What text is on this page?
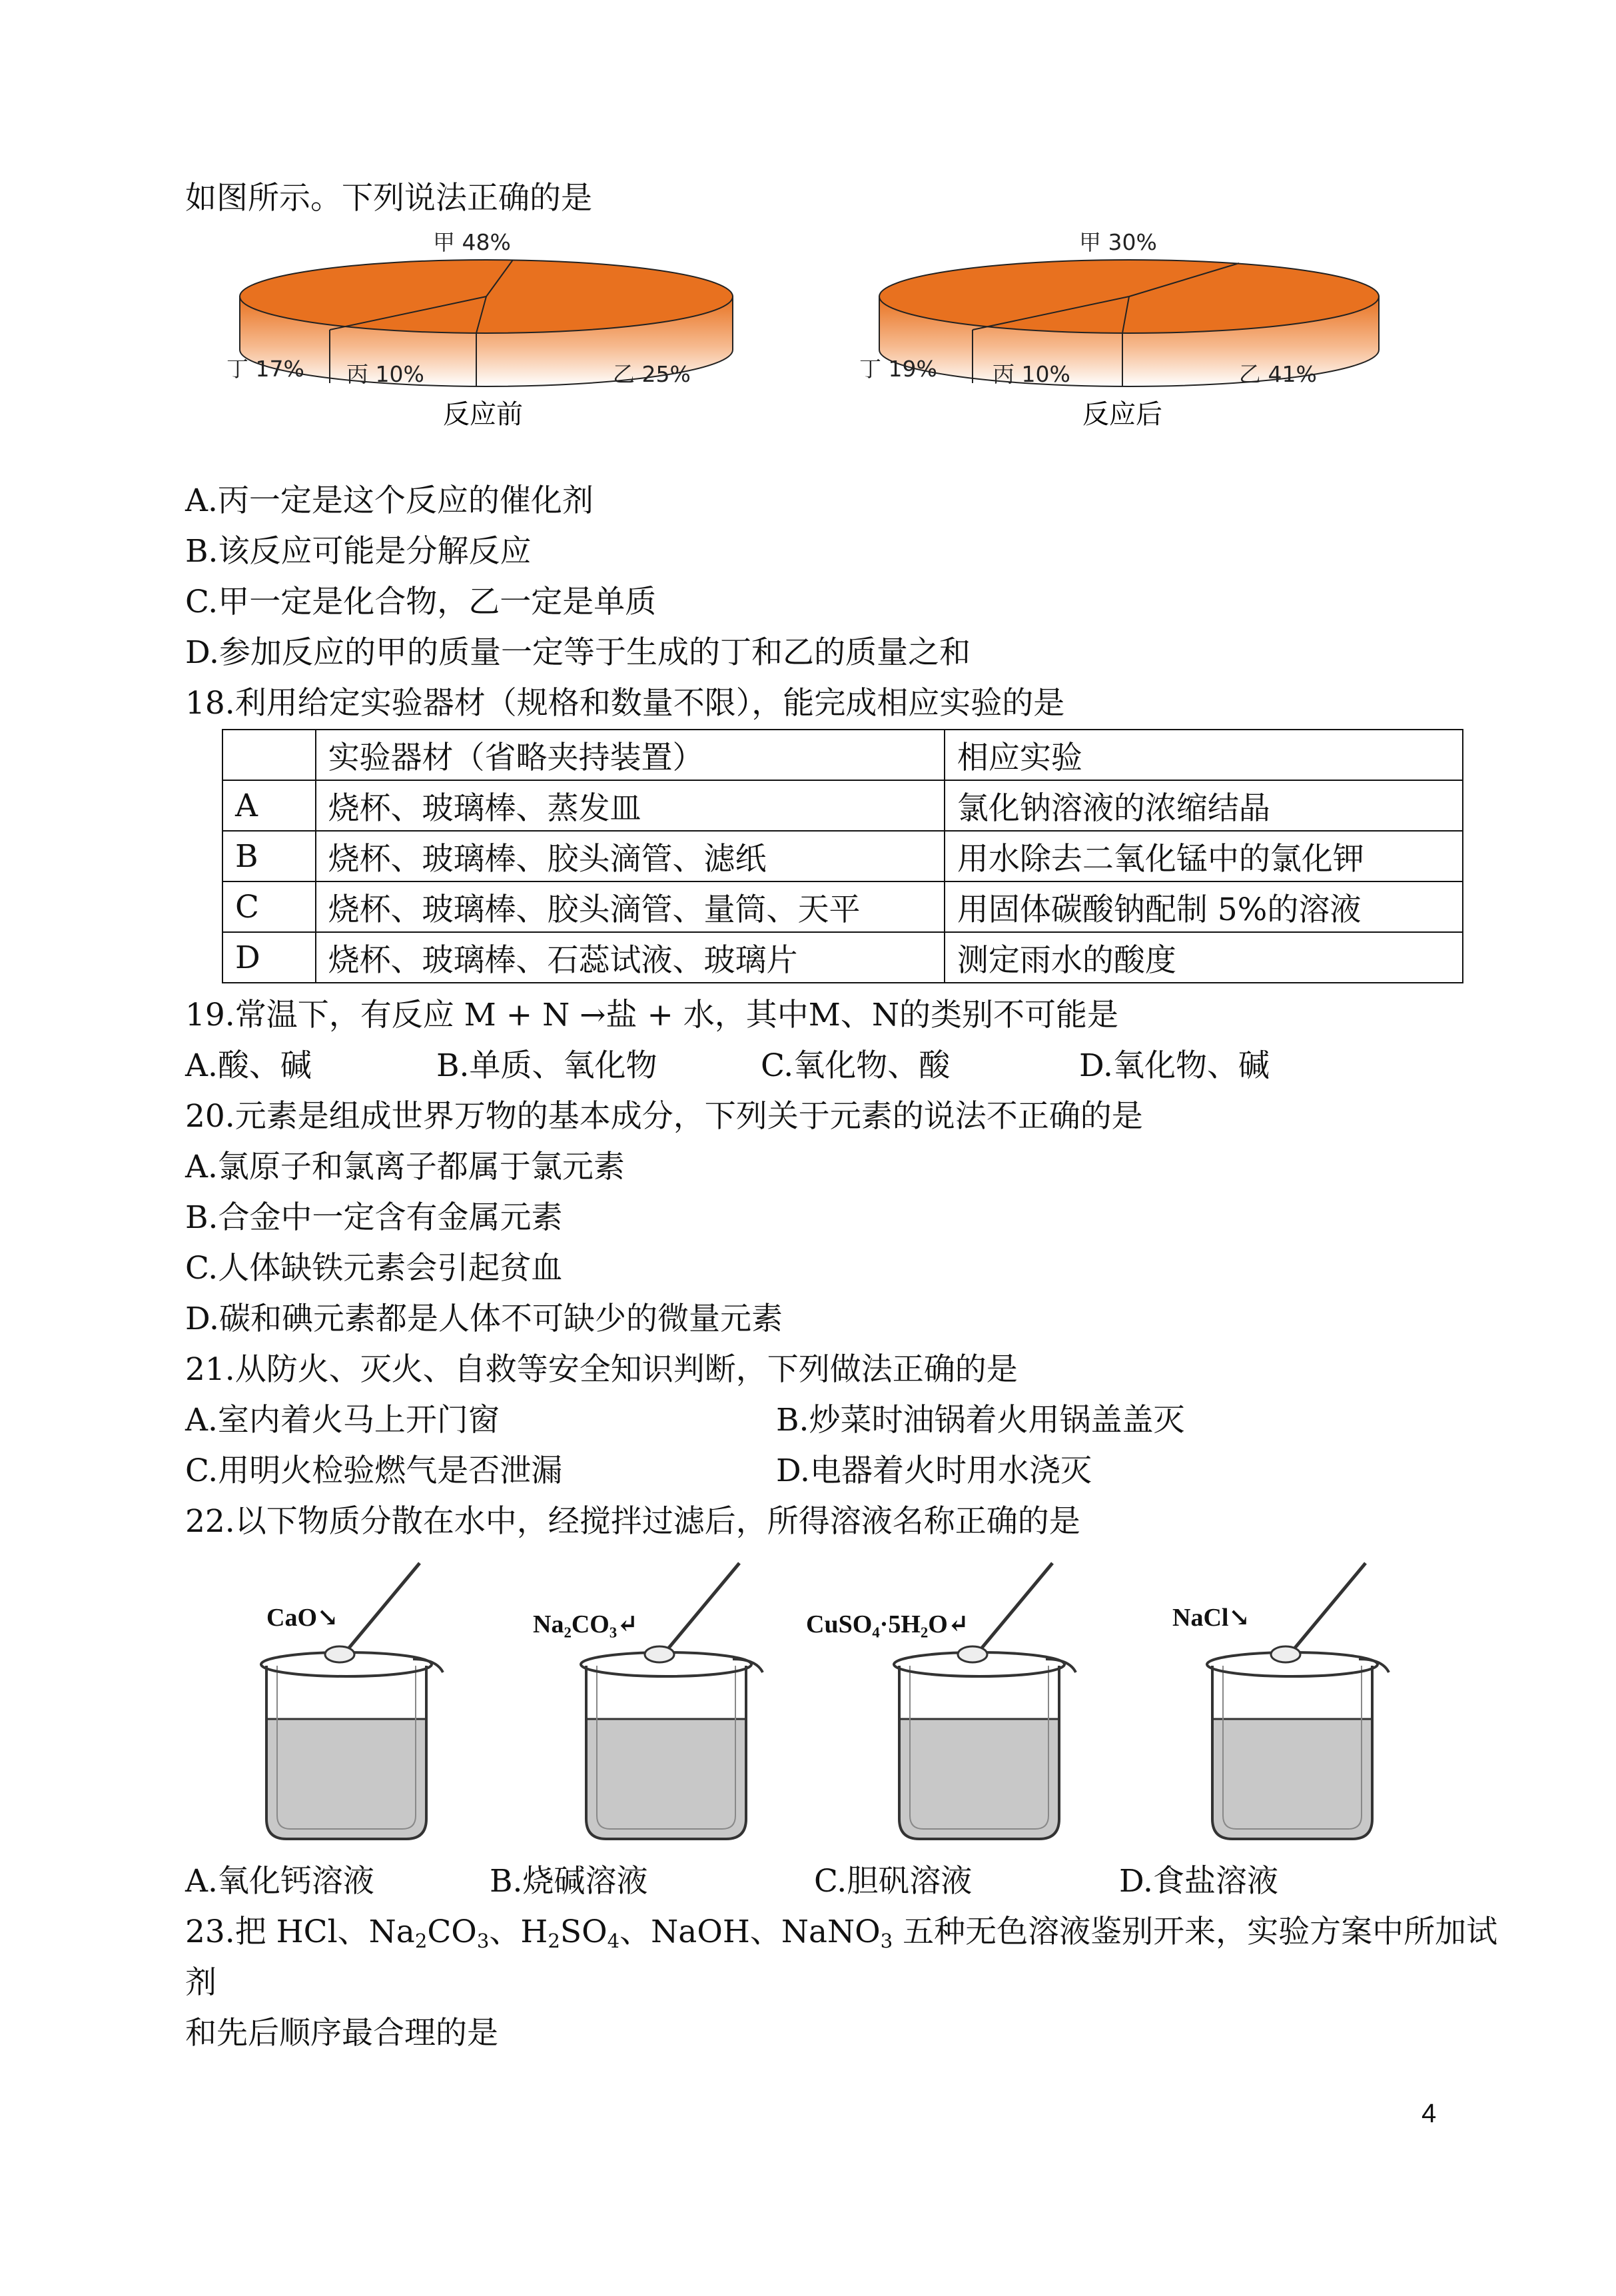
如图所示。下列说法正确的是
甲 48%
丁 17% 丙 10%	乙 25%
反应前
甲 30%
丁 19%	丙 10%	乙 41%
反应后
A.丙一定是这个反应的催化剂
B.该反应可能是分解反应
C.甲一定是化合物，乙一定是单质
D.参加反应的甲的质量一定等于生成的丁和乙的质量之和
18.利用给定实验器材（规格和数量不限），能完成相应实验的是
	实验器材（省略夹持装置）	相应实验
A	烧杯、玻璃棒、蒸发皿	氯化钠溶液的浓缩结晶
B	烧杯、玻璃棒、胶头滴管、滤纸	用水除去二氧化锰中的氯化钾
C	烧杯、玻璃棒、胶头滴管、量筒、天平	用固体碳酸钠配制 5%的溶液
D	烧杯、玻璃棒、石蕊试液、玻璃片	测定雨水的酸度
19.常温下，有反应 M + N →盐 + 水，其中M、N的类别不可能是
A.酸、碱	B.单质、氧化物	C.氧化物、酸	D.氧化物、碱
20.元素是组成世界万物的基本成分，下列关于元素的说法不正确的是
A.氯原子和氯离子都属于氯元素
B.合金中一定含有金属元素
C.人体缺铁元素会引起贫血
D.碳和碘元素都是人体不可缺少的微量元素
21.从防火、灭火、自救等安全知识判断，下列做法正确的是
A.室内着火马上开门窗	B.炒菜时油锅着火用锅盖盖灭
C.用明火检验燃气是否泄漏	D.电器着火时用水浇灭
22.以下物质分散在水中，经搅拌过滤后，所得溶液名称正确的是
CaO↘	Na₂CO₃↵	CuSO₄·5H₂O↵	NaCl↘
A.氧化钙溶液	B.烧碱溶液	C.胆矾溶液	D.食盐溶液
23.把 HCl、$Na_2CO_3$、$H_2SO_4$、NaOH、NaNO$_3$ 五种无色溶液鉴别开来，实验方案中所加试
剂
和先后顺序最合理的是
4
